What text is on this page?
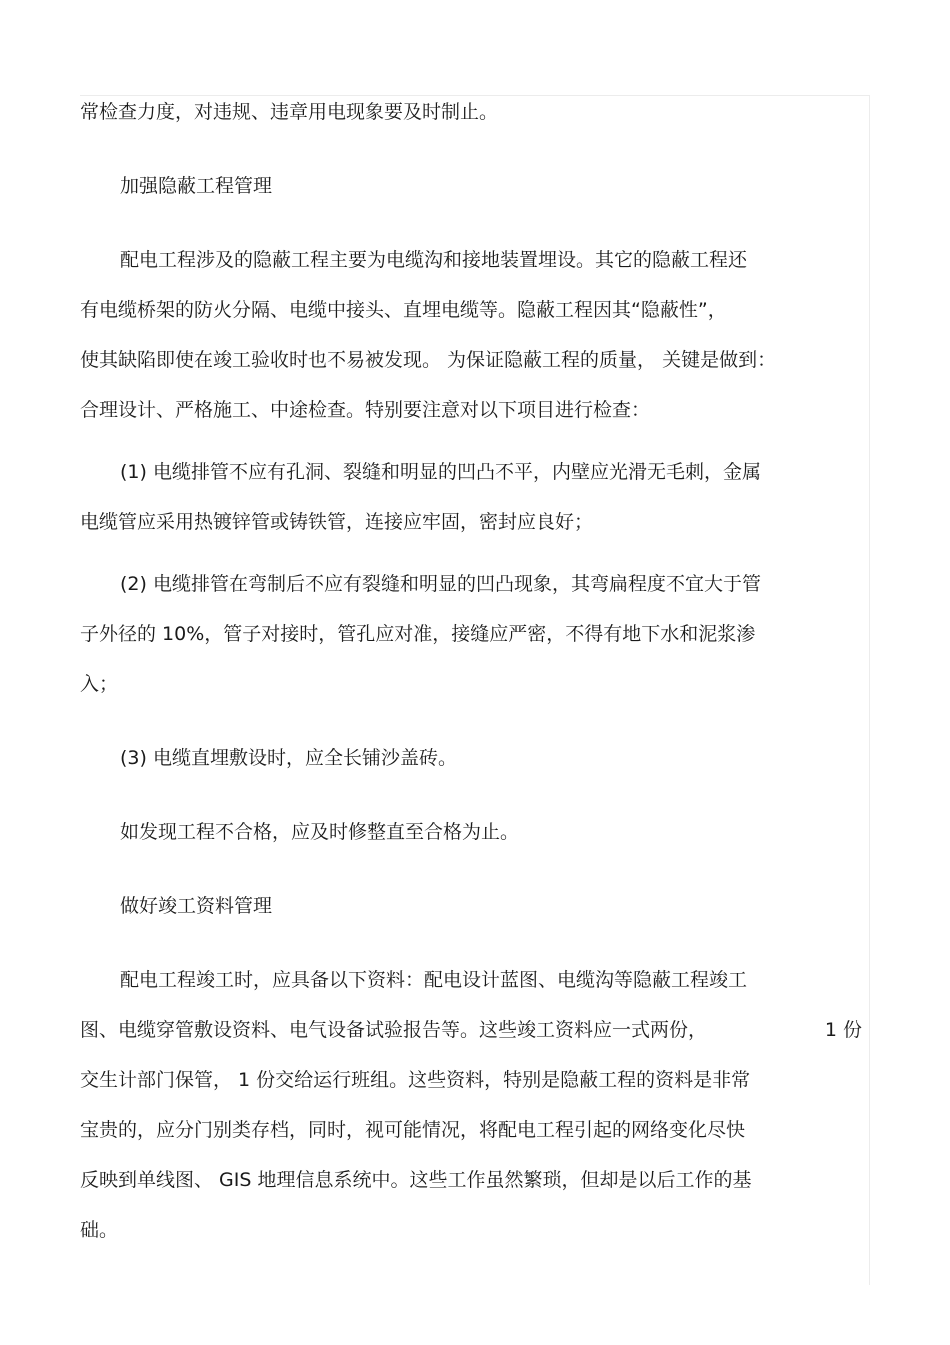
常检查力度，对违规、违章用电现象要及时制止。
加强隐蔽工程管理
配电工程涉及的隐蔽工程主要为电缆沟和接地装置埋设。其它的隐蔽工程还
有电缆桥架的防火分隔、电缆中接头、直埋电缆等。隐蔽工程因其“隐蔽性”，
使其缺陷即使在竣工验收时也不易被发现。 为保证隐蔽工程的质量， 关键是做到：
合理设计、严格施工、中途检查。特别要注意对以下项目进行检查：
(1) 电缆排管不应有孔洞、裂缝和明显的凹凸不平，内壁应光滑无毛刺，金属
电缆管应采用热镀锌管或铸铁管，连接应牢固，密封应良好；
(2) 电缆排管在弯制后不应有裂缝和明显的凹凸现象，其弯扁程度不宜大于管
子外径的 10%，管子对接时，管孔应对准，接缝应严密，不得有地下水和泥浆渗
入；
(3) 电缆直埋敷设时，应全长铺沙盖砖。
如发现工程不合格，应及时修整直至合格为止。
做好竣工资料管理
配电工程竣工时，应具备以下资料：配电设计蓝图、电缆沟等隐蔽工程竣工
图、电缆穿管敷设资料、电气设备试验报告等。这些竣工资料应一式两份，	1 份
交生计部门保管， 1 份交给运行班组。这些资料，特别是隐蔽工程的资料是非常
宝贵的，应分门别类存档，同时，视可能情况，将配电工程引起的网络变化尽快
反映到单线图、 GIS 地理信息系统中。这些工作虽然繁琐，但却是以后工作的基
础。
